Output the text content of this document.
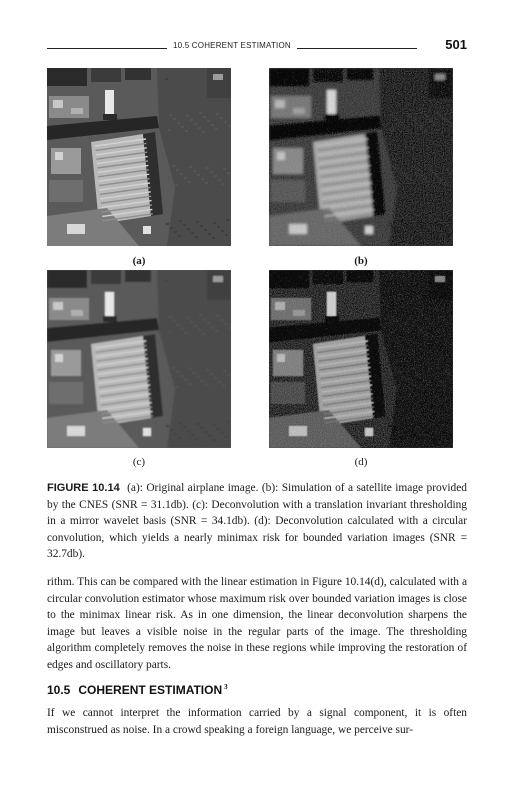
10.5 COHERENT ESTIMATION	501
(a)	(b)
(c)	(d)
FIGURE 10.14 (a): Original airplane image. (b): Simulation of a satellite image provided by the CNES (SNR = 31.1db). (c): Deconvolution with a translation invariant thresholding in a mirror wavelet basis (SNR = 34.1db). (d): Deconvolution calculated with a circular convolution, which yields a nearly minimax risk for bounded variation images (SNR = 32.7db).

rithm. This can be compared with the linear estimation in Figure 10.14(d), calculated with a circular convolution estimator whose maximum risk over bounded variation images is close to the minimax linear risk. As in one dimension, the linear deconvolution sharpens the image but leaves a visible noise in the regular parts of the image. The thresholding algorithm completely removes the noise in these regions while improving the restoration of edges and oscillatory parts.

10.5 COHERENT ESTIMATION $^3$

If we cannot interpret the information carried by a signal component, it is often misconstrued as noise. In a crowd speaking a foreign language, we perceive sur-
